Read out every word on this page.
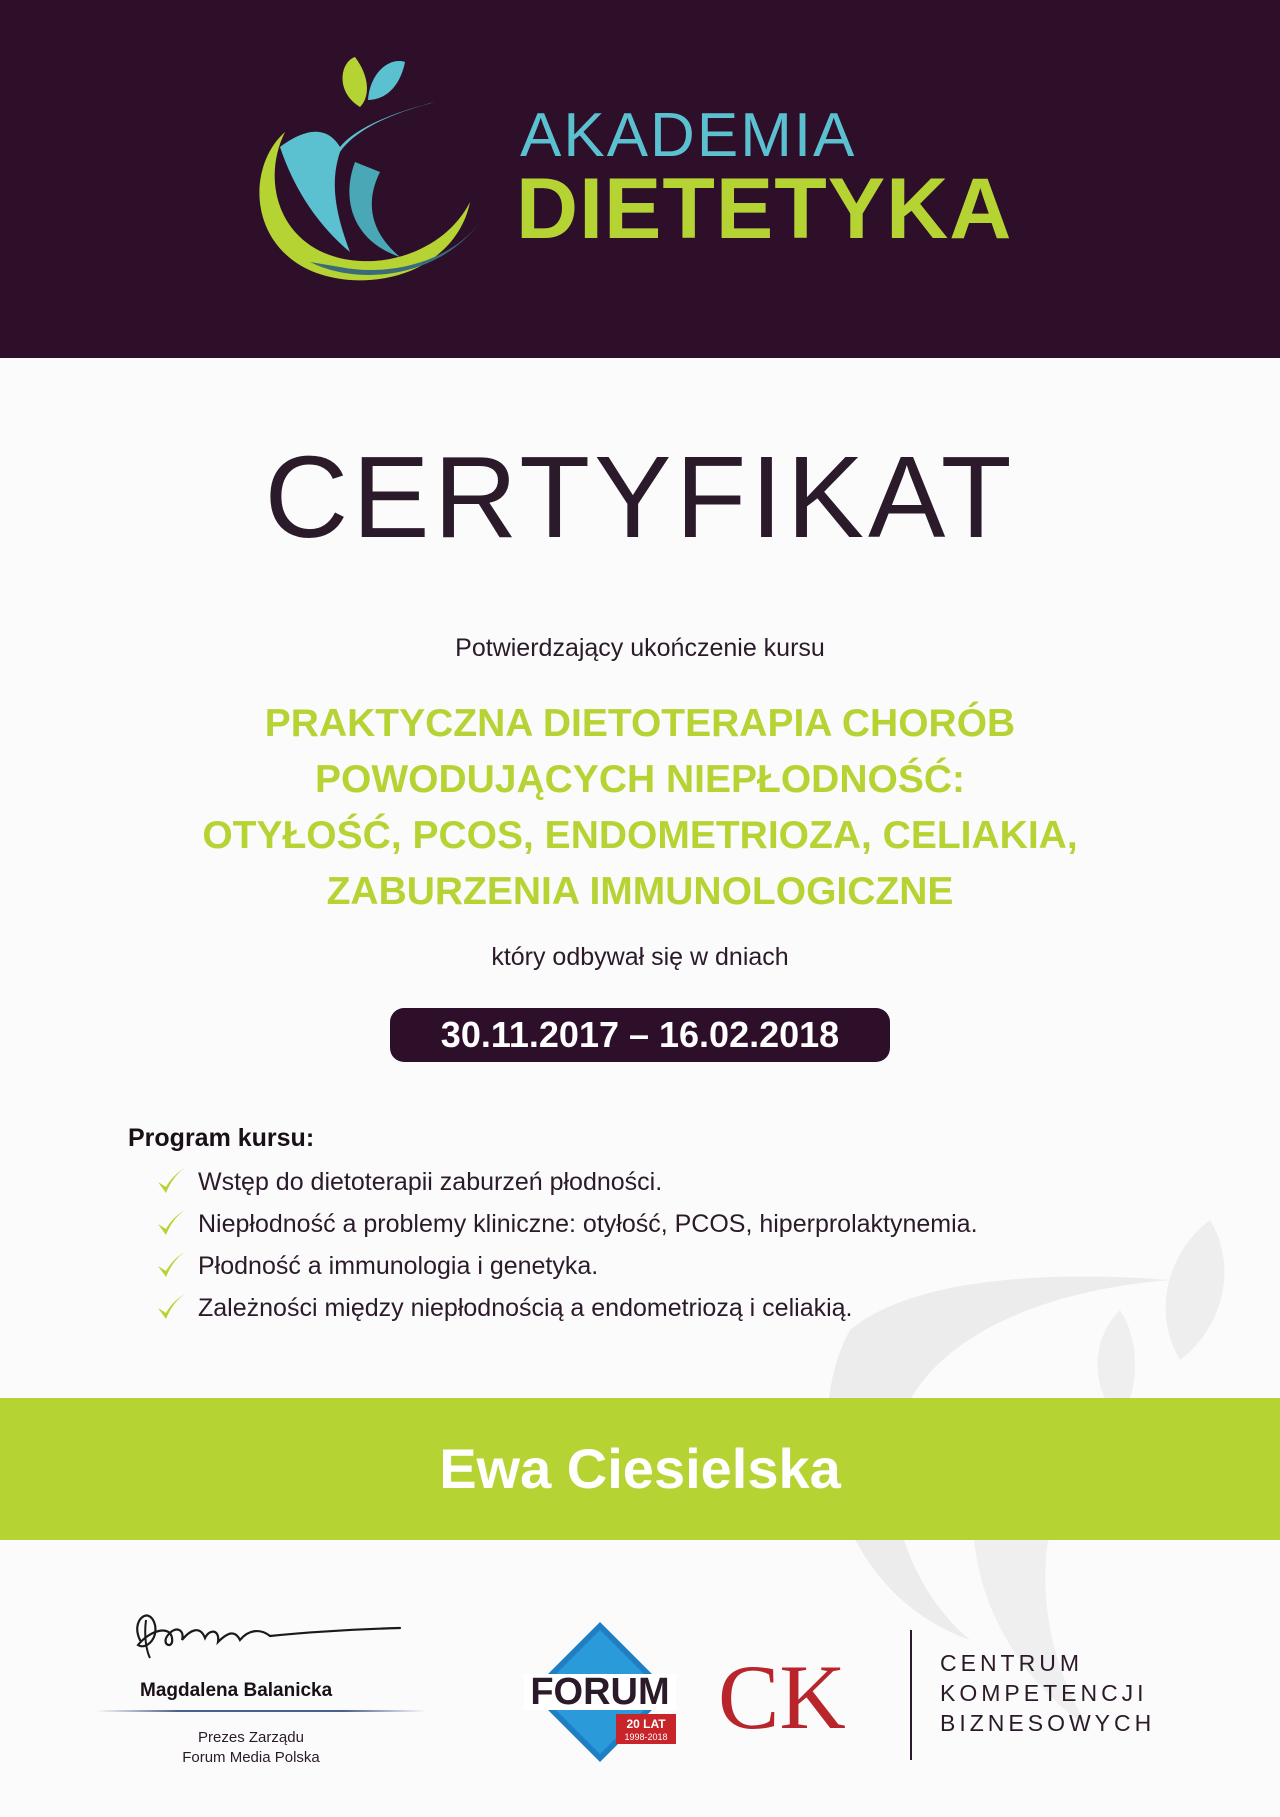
AKADEMIA
DIETETYKA
CERTYFIKAT
Potwierdzający ukończenie kursu
PRAKTYCZNA DIETOTERAPIA CHORÓB
POWODUJĄCYCH NIEPŁODNOŚĆ:
OTYŁOŚĆ, PCOS, ENDOMETRIOZA, CELIAKIA,
ZABURZENIA IMMUNOLOGICZNE
który odbywał się w dniach
30.11.2017 – 16.02.2018
Program kursu:
Wstęp do dietoterapii zaburzeń płodności.
Niepłodność a problemy kliniczne: otyłość, PCOS, hiperprolaktynemia.
Płodność a immunologia i genetyka.
Zależności między niepłodnością a endometriozą i celiakią.
Ewa Ciesielska
Magdalena Balanicka
Prezes Zarządu
Forum Media Polska
FORUM
20 LAT
1998-2018 CK	CENTRUM
KOMPETENCJI
BIZNESOWYCH
